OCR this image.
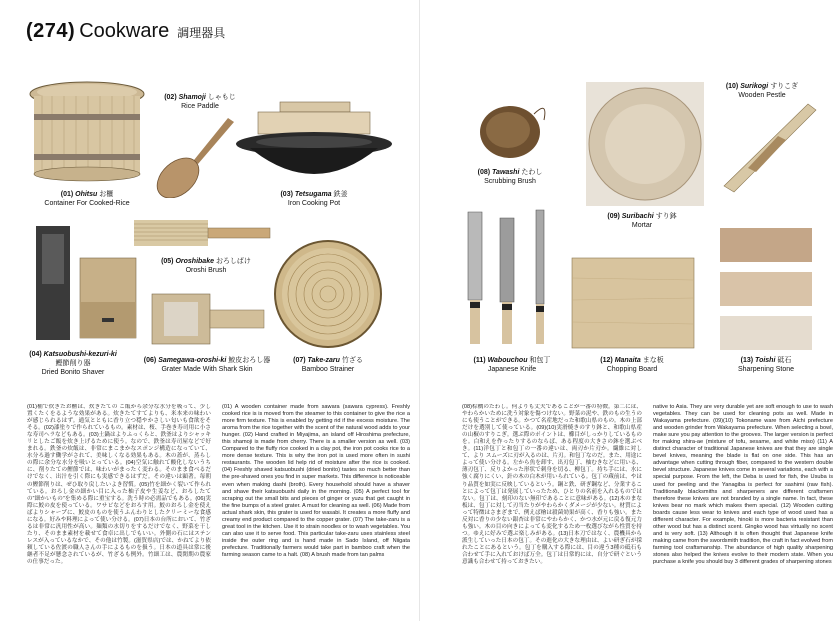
(274) Cookware 調理器具
(01) Ohitsu お櫃
Container For Cooked-Rice
(02) Shamoji しゃもじ
Rice Paddle
(03) Tetsugama 鉄釜
Iron Cooking Pot
(04) Katsuobushi-kezuri-ki
鰹節削り器
Dried Bonito Shaver
(05) Oroshibake おろしばけ
Oroshi Brush
(06) Samegawa-oroshi-ki 鮫皮おろし器
Grater Made With Shark Skin
(07) Take-zaru 竹ざる
Bamboo Strainer
(08) Tawashi たわし
Scrubbing Brush
(09) Suribachi すり鉢
Mortar
(10) Surikogi すりこぎ
Wooden Pestle
(11) Wabouchou 和包丁
Japanese Knife
(12) Manaita まな板
Chopping Board
(13) Toishi 砥石
Sharpening Stone
(01)桶で炊きたお櫃は、炊きたての ご飯から余分な水分を吸って、少し置くたくをるような効果がある。炊きたてすてよりも、米本来の味わいが感じられるはず。通気とともに香り立つ穏やかさしい匂いも食欲をそそる。(02)漆塗りで作られているもの。素材は、桜、手巻き寿司用に小さな寿司へラなどもある。(03)土鍋はよりふっくらと、鉄釜はよりシャッキリとしたご飯を炊き上げるために使う。なので、鉄釜は寿司屋などで好まれる。鉄釜の炊飯は、非常にまこまかなスポンジ構造になっていて、水分ろ過す働学がされて、美味しくなる効果もある。木の蓋が、蒸らしの際に余分な水分を吸いとっている。(04)空気に触れて酸化しないうちに、削りたての鰹節では、味わいがまったく変わる。そのまま食べるだけでなく、出汁を引く際にも実感できるはずだ。その違いは顕著。毎朝の鰹節削りは、ぜひ取り戻したいよき習慣。(05)竹を細かく裂いて作られている。おろし金の細かい目に入った柚子皮や生姜など、おろしたての“細かいもの”を集める際に重宝する。洗う時の必需品でもある。(06)実際に鮫の皮を使っている。ワサビなどをおろす用。鮫のおろし金を使えばよりシャープに、鮫皮のものを使うふんわりとしたクリーミーな食感になる。好みや料理によって使い分ける。(07)日本の台所において、竹ざるは非常に汎用性が高い。麺類の水切りをするだけでなく、野菜を干したり、そのまま素材を載せて食卓に出しでもいい。外側の石にはステンレスが入っているなかで、その他は竹製。(滋賀県店)では、かねてより依頼している佐渡の職人さんの手によるものを扱う。日本の道具は常に後継者不足が懸念されているが、竹ざるも例外。竹細工は、農閑期の農家の仕事だった。
(01) A wooden container made from sawara (sawara cypress). Freshly cooked rice is is moved from the steamer to this container to give the rice a more firm texture. This is enabled by getting rid if the excess moisture. The aroma from the rice together with the scent of the natural wood adds to your hunger. (02) Hand crafted in Miyajima, an island off Hiroshima prefecture, this shamoji is made from cherry. There is a smaller version as well. (03) Compared to the fluffy rice cooked in a clay pot, the iron pot cooks rice to a more dense texture. This is why the iron pot is used more often in sushi restaurants. The wooden lid help rid of moisture after the rice is cooked. (04) Freshly shaved katsuobushi (dried bonito) tastes so much better than the pre-shaved ones you find in super markets. This difference is noticeable even when making dashi (broth). Every household should have a shaver and shave their katsuobushi daily in the morning. (05) A perfect tool for scraping out the small bits and pieces of ginger or yuzu that get caught in the fine bumps of a steel grater. A must for cleaning as well. (06) Made from actual shark skin, this grater is used for wasabi. It creates a more fluffy and creamy end product compared to the copper grater. (07) The take-zaru is a great tool in the kitchen. Use it to strain noodles or to wash vegetables. You can also use it to serve food. This particular take-zaru uses stainless steel inside the outer ring and is hand made in Sado Island, off Niigata prefecture. Traditionally farmers would take part in bamboo craft when the farming season came to a halt. (08) A brush made from tan palms
(08)棕櫚のたわし。何よりも丈夫であることが一番の特徴。第二には、やわらかいために洗う対象を傷つけない。野菜の泥や、鉄のもの生うのにも使うことができる。かつて名産地だった和歌山県のもの。木の上部だけを選別して使っている。(09)(10)実滑焼きのすり鉢と、和歌山県産の山椒のすりこぎ。選ぶ際のポイントは、櫛目がしっかりしているものを。白和えを作ったりするのならば、ある程度の大きさの鉢を選ぶべき。(11)洋包丁と和包丁の一番の違いは、両刃か片刃か。繊維に対して、より スムーズに刃が入るのは、片刃。和包丁なのだ。また、用途によって使い分ける。左から魚を卸す、出刃包丁、柚むきなどに用いる、薄刃包丁、反りよかった形状で刺身を切る、柳包丁。持ち手には、水に強く腐りにくい、針の木の白木が用いられている。包丁の蔵前は、やはり品質を如実に反映しているという。鋼と鉄、研ぎ鋼など、分業することによって包丁は発展していったため、ひとりの名前を入れるものではない。包丁は、刻印のない無印であることに意味がある。(12)木のまな板は、包丁に対して刃当たりがやわらかくダメージが少ない。材質によって特徴はさまざまで、例えば檜は殺菌効果が高く、香りも強い。また反対に香りの少ない銀杏は非常にやわらかく、かつ水が元に戻る復元力も強い。木の目の向きによっても変化するため一枚選びながら性質を持つ。ゆえに好みで選ぶ楽しみがある。(13)日本刀ではなく、農機具から派生していった日本の包丁。その進化の大きな理由は、よい研ぎ石が採れたことにあるという。包丁を購入する際には、目の違う3種の砥石も合わせて手に入れておけば万全。包丁は日常的には、自分で研ぐという意識も合わせて持っておきたい。
native to Asia. They are very durable yet are soft enough to use to wash vegetables. They can be used for cleaning pots as well. Made in Wakayama prefecture. (09)(10) Tokoname ware from Aichi prefecture and wooden grinder from Wakayama prefecture. When selecting a bowl, make sure you pay attention to the grooves. The larger version is perfect for making shira-ae (mixture of tofu, sesame, and white miso) (11) A distinct character of traditional Japanese knives are that they are single bevel knives, meaning the blade is flat on one side. This has an advantage when cutting through fiber, compared to the western double bevel structure. Japanese knives come in several variations, each with a special purpose. From the left, the Deba is used for fish, the Usuba is used for peeling and the Yanagiba is perfect for sashimi (raw fish). Traditionally blacksmiths and sharpeners are different craftsmen therefore these knives are not branded by a single name. In fact, these knives bear no mark which makes them special. (12) Wooden cutting boards cause less wear to knives and each type of wood used has a different character. For example, hinoki is more bacteria resistant than other wood but has a distinct scent. Gingko wood has virtually no scent and is very soft. (13) Although it is often thought that Japanese knife making came from the swordsmith tradition, the craft in fact evolved from farming tool craftsmanship. The abundance of high quality sharpening stones also helped the knives evolve to their modern state. When you purchase a knife you should buy 3 different grades of sharpening stones
